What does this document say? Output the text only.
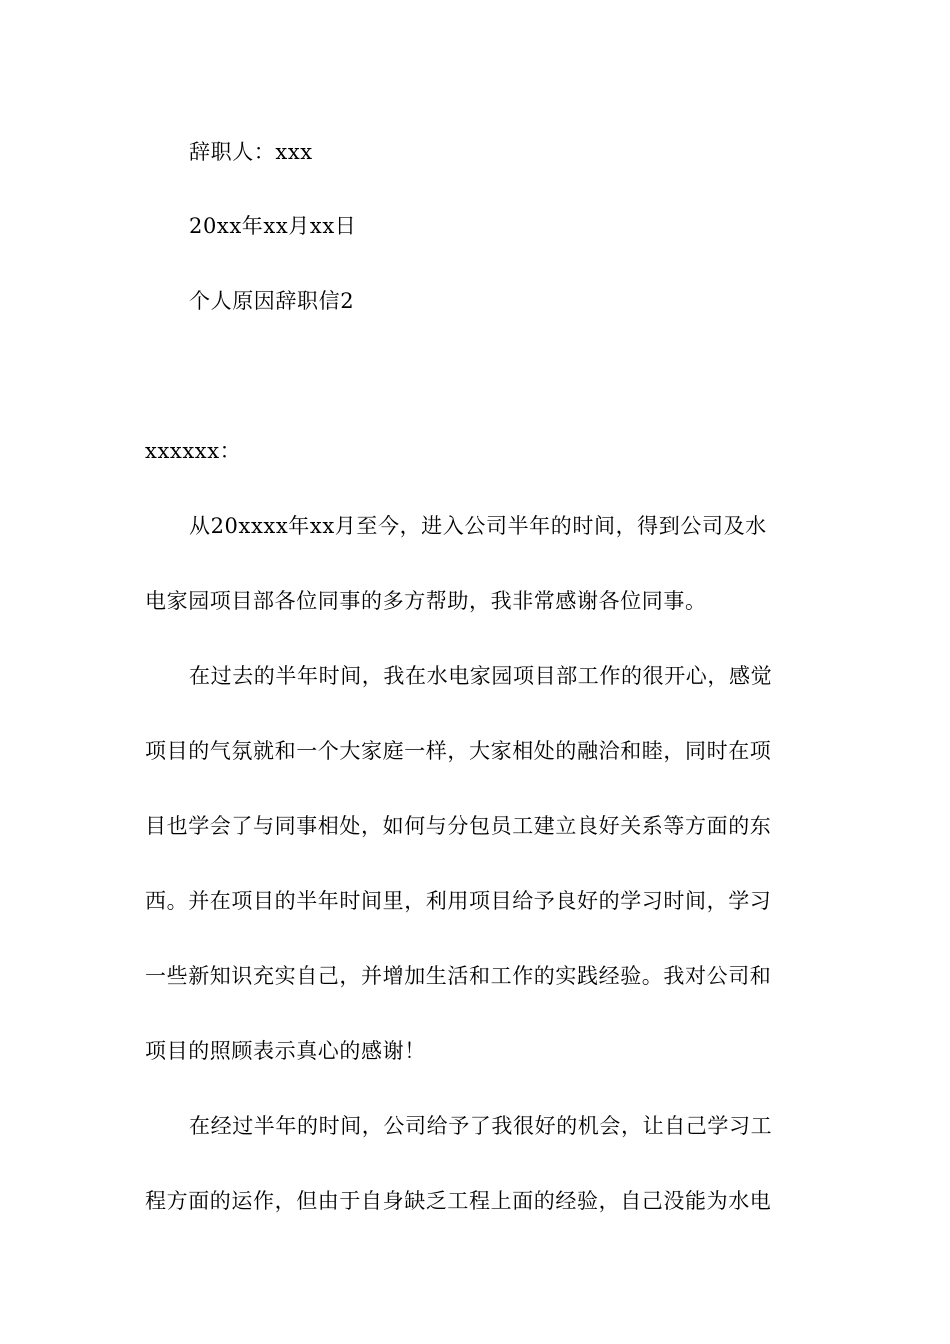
辞职人：xxx
20xx年xx月xx日
个人原因辞职信2
xxxxxx：
从20xxxx年xx月至今，进入公司半年的时间，得到公司及水
电家园项目部各位同事的多方帮助，我非常感谢各位同事。
在过去的半年时间，我在水电家园项目部工作的很开心，感觉
项目的气氛就和一个大家庭一样，大家相处的融洽和睦，同时在项
目也学会了与同事相处，如何与分包员工建立良好关系等方面的东
西。并在项目的半年时间里，利用项目给予良好的学习时间，学习
一些新知识充实自己，并增加生活和工作的实践经验。我对公司和
项目的照顾表示真心的感谢！
在经过半年的时间，公司给予了我很好的机会，让自己学习工
程方面的运作，但由于自身缺乏工程上面的经验，自己没能为水电
